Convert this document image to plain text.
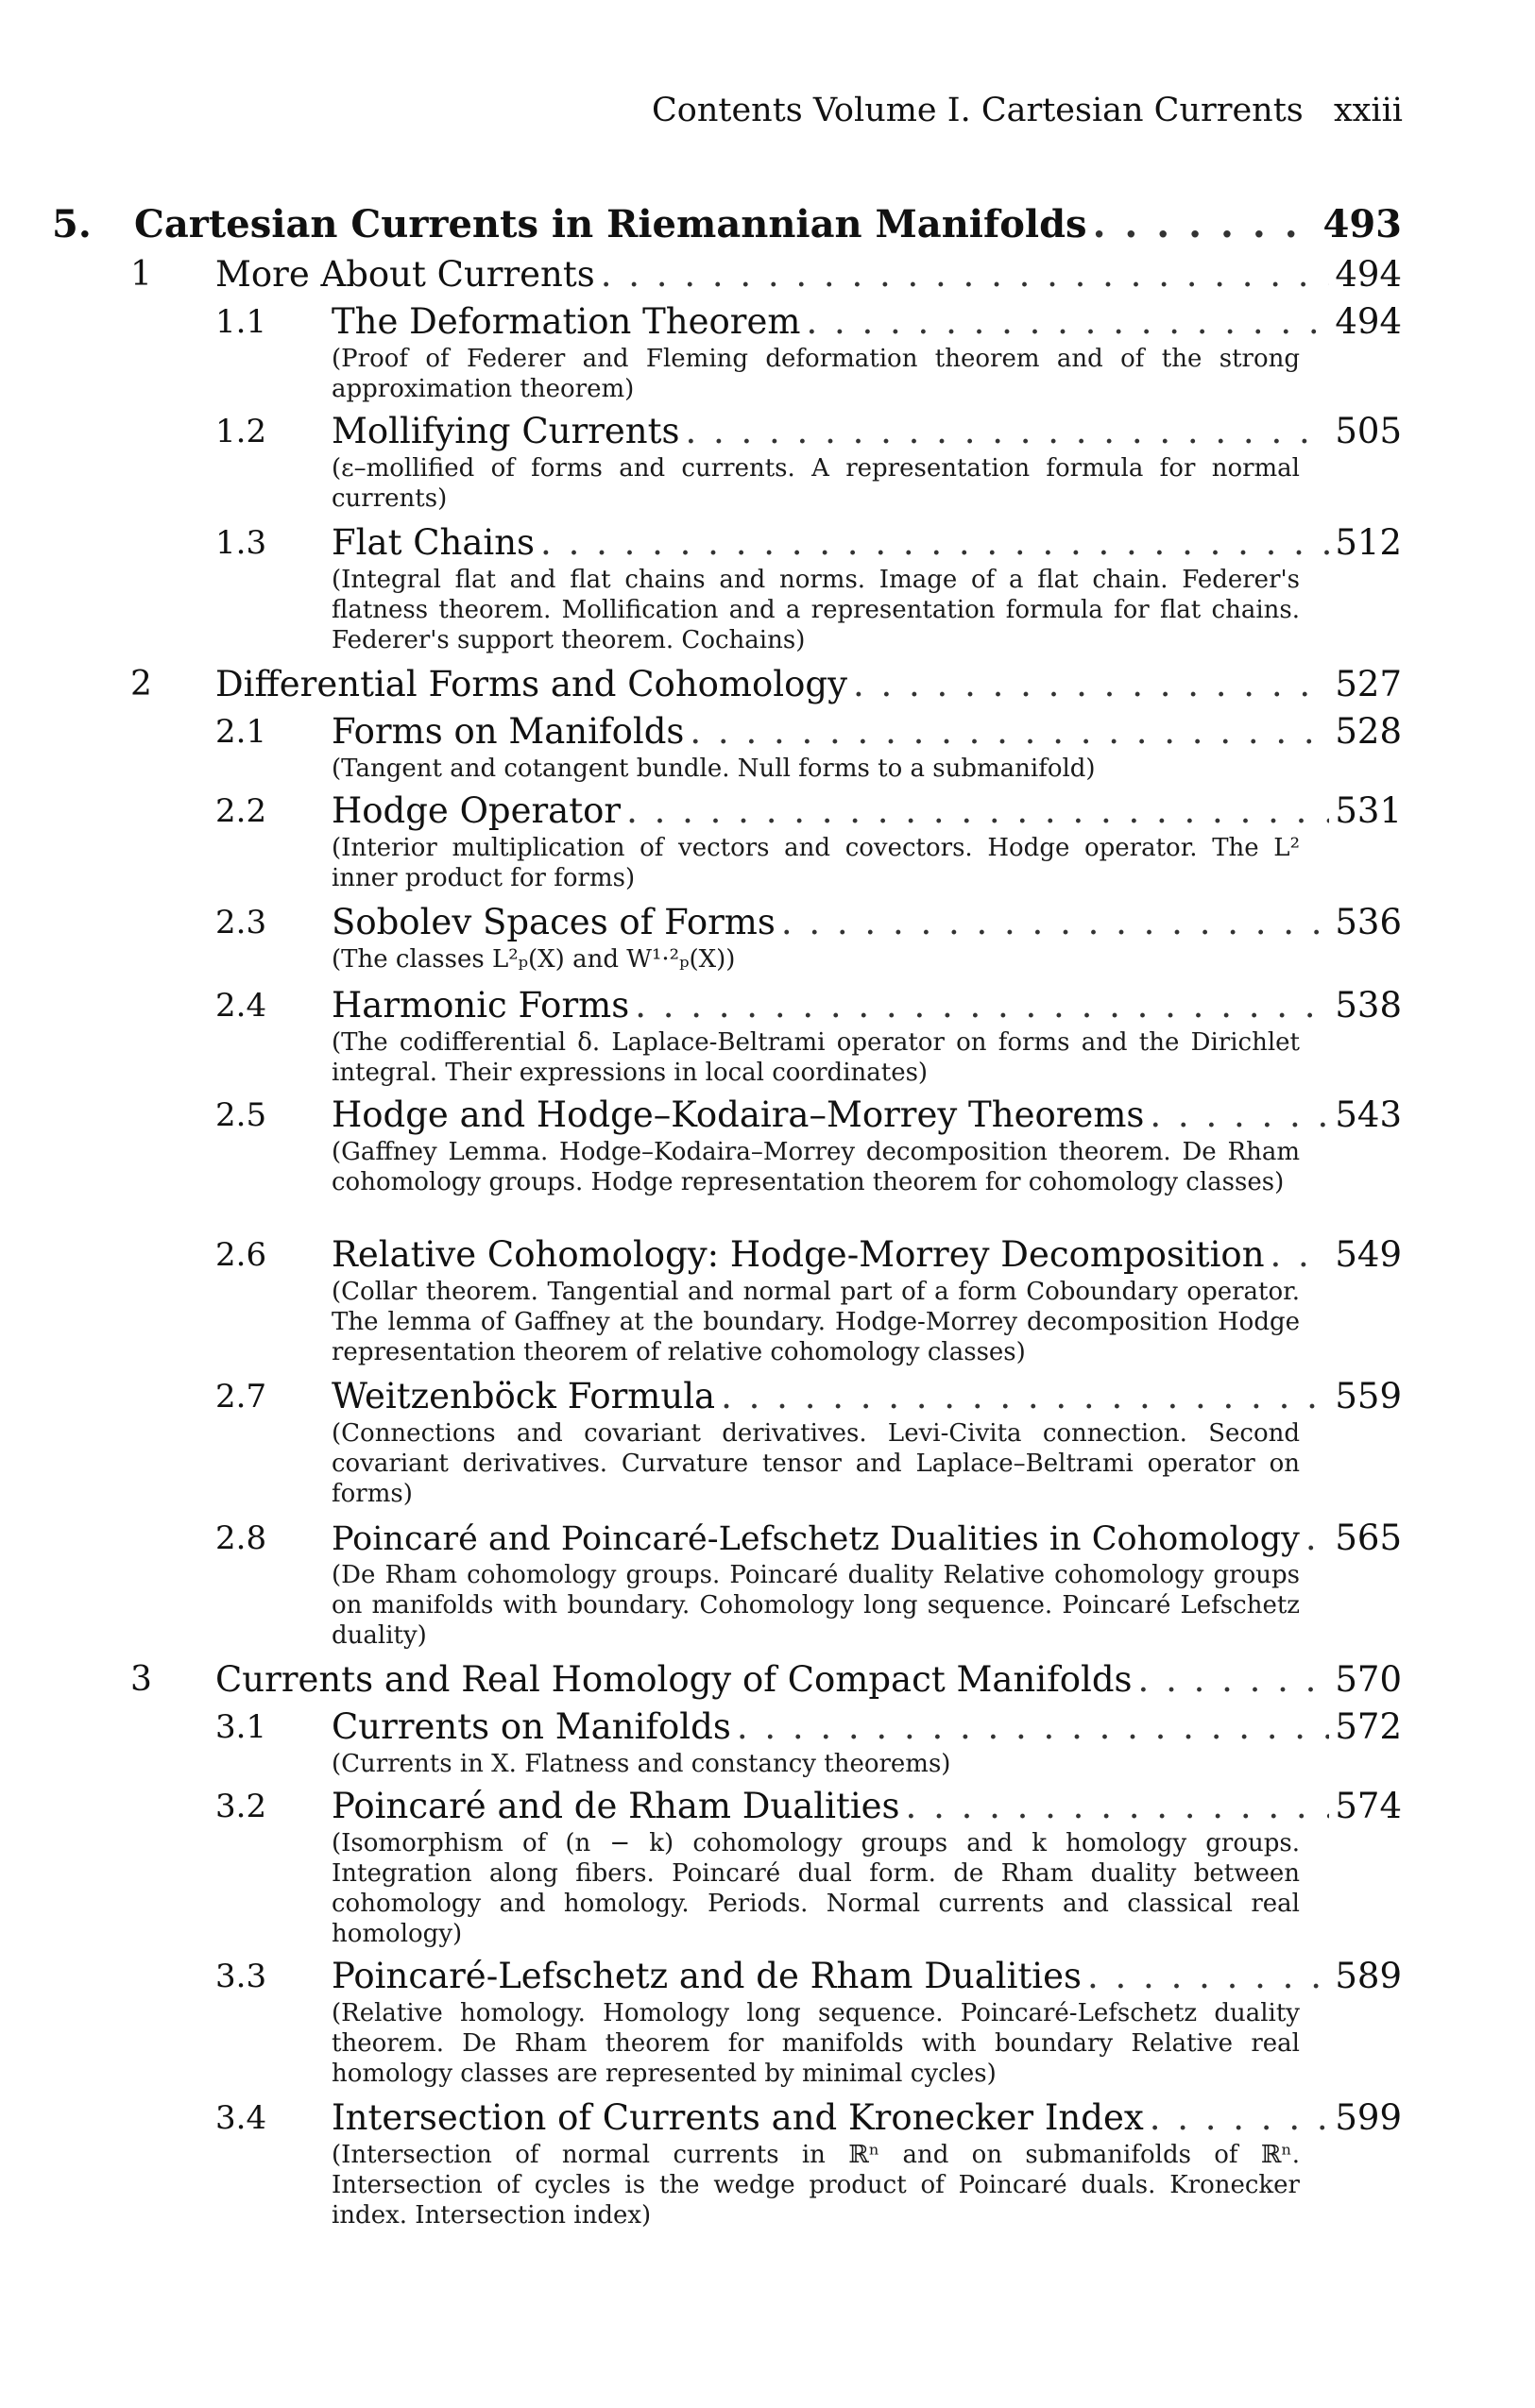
Contents Volume I. Cartesian Currents xxiii
5. Cartesian Currents in Riemannian Manifolds . . .	493
1 More About Currents . . .	494
1.1 The Deformation Theorem . . .	494
(Proof of Federer and Fleming deformation theorem and of the strong approximation theorem)
1.2 Mollifying Currents . . .	505
(ε–mollified of forms and currents. A representation formula for normal currents)
1.3 Flat Chains . . .	512
(Integral flat and flat chains and norms. Image of a flat chain. Federer's flatness theorem. Mollification and a representation formula for flat chains. Federer's support theorem. Cochains)
2 Differential Forms and Cohomology . . .	527
2.1 Forms on Manifolds . . .	528
(Tangent and cotangent bundle. Null forms to a submanifold)
2.2 Hodge Operator . . .	531
(Interior multiplication of vectors and covectors. Hodge operator. The L² inner product for forms)
2.3 Sobolev Spaces of Forms . . .	536
(The classes L²ₚ(X) and W¹·²ₚ(X))
2.4 Harmonic Forms . . .	538
(The codifferential δ. Laplace-Beltrami operator on forms and the Dirichlet integral. Their expressions in local coordinates)
2.5 Hodge and Hodge–Kodaira–Morrey Theorems . . .	543
(Gaffney Lemma. Hodge–Kodaira–Morrey decomposition theorem. De Rham cohomology groups. Hodge representation theorem for cohomology classes)
2.6 Relative Cohomology: Hodge-Morrey Decomposition . . . 549
(Collar theorem. Tangential and normal part of a form Coboundary operator. The lemma of Gaffney at the boundary. Hodge-Morrey decomposition Hodge representation theorem of relative cohomology classes)
2.7 Weitzenböck Formula . . .	559
(Connections and covariant derivatives. Levi-Civita connection. Second covariant derivatives. Curvature tensor and Laplace–Beltrami operator on forms)
2.8 Poincaré and Poincaré-Lefschetz Dualities in Cohomology . . . 565
(De Rham cohomology groups. Poincaré duality Relative cohomology groups on manifolds with boundary. Cohomology long sequence. Poincaré Lefschetz duality)
3 Currents and Real Homology of Compact Manifolds . . .	570
3.1 Currents on Manifolds . . .	572
(Currents in X. Flatness and constancy theorems)
3.2 Poincaré and de Rham Dualities . . .	574
(Isomorphism of (n − k) cohomology groups and k homology groups. Integration along fibers. Poincaré dual form. de Rham duality between cohomology and homology. Periods. Normal currents and classical real homology)
3.3 Poincaré-Lefschetz and de Rham Dualities . . .	589
(Relative homology. Homology long sequence. Poincaré-Lefschetz duality theorem. De Rham theorem for manifolds with boundary Relative real homology classes are represented by minimal cycles)
3.4 Intersection of Currents and Kronecker Index . . .	599
(Intersection of normal currents in ℝⁿ and on submanifolds of ℝⁿ. Intersection of cycles is the wedge product of Poincaré duals. Kronecker index. Intersection index)
